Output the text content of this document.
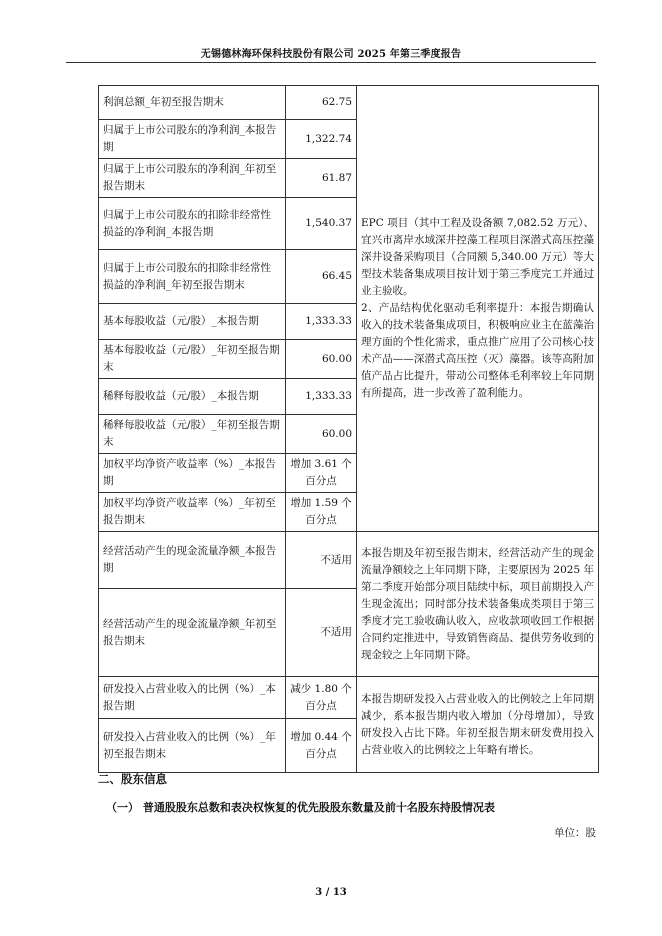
无锡德林海环保科技股份有限公司 2025 年第三季度报告
利润总额_年初至报告期末	62.75	EPC 项目（其中工程及设备额 7,082.52 万元）、宜兴市离岸水域深井控藻工程项目深潜式高压控藻深井设备采购项目（合同额 5,340.00 万元）等大型技术装备集成项目按计划于第三季度完工并通过业主验收。
2、产品结构优化驱动毛利率提升：本报告期确认收入的技术装备集成项目，积极响应业主在蓝藻治理方面的个性化需求，重点推广应用了公司核心技术产品——深潜式高压控（灭）藻器。该等高附加值产品占比提升，带动公司整体毛利率较上年同期有所提高，进一步改善了盈利能力。
归属于上市公司股东的净利润_本报告期	1,322.74	
归属于上市公司股东的净利润_年初至报告期末	61.87	
归属于上市公司股东的扣除非经常性损益的净利润_本报告期	1,540.37	
归属于上市公司股东的扣除非经常性损益的净利润_年初至报告期末	66.45	
基本每股收益（元/股）_本报告期	1,333.33	
基本每股收益（元/股）_年初至报告期末	60.00	
稀释每股收益（元/股）_本报告期	1,333.33	
稀释每股收益（元/股）_年初至报告期末	60.00	
加权平均净资产收益率（%）_本报告期	增加 3.61 个百分点	
加权平均净资产收益率（%）_年初至报告期末	增加 1.59 个百分点	
经营活动产生的现金流量净额_本报告期	不适用	本报告期及年初至报告期末，经营活动产生的现金流量净额较之上年同期下降，主要原因为 2025 年第二季度开始部分项目陆续中标，项目前期投入产生现金流出；同时部分技术装备集成类项目于第三季度才完工验收确认收入，应收款项收回工作根据合同约定推进中，导致销售商品、提供劳务收到的现金较之上年同期下降。
经营活动产生的现金流量净额_年初至报告期末	不适用	
研发投入占营业收入的比例（%）_本报告期	减少 1.80 个百分点	本报告期研发投入占营业收入的比例较之上年同期减少，系本报告期内收入增加（分母增加），导致研发投入占比下降。年初至报告期末研发费用投入占营业收入的比例较之上年略有增长。
研发投入占营业收入的比例（%）_年初至报告期末	增加 0.44 个百分点	
二、股东信息
（一） 普通股股东总数和表决权恢复的优先股股东数量及前十名股东持股情况表
单位：股
3 / 13
